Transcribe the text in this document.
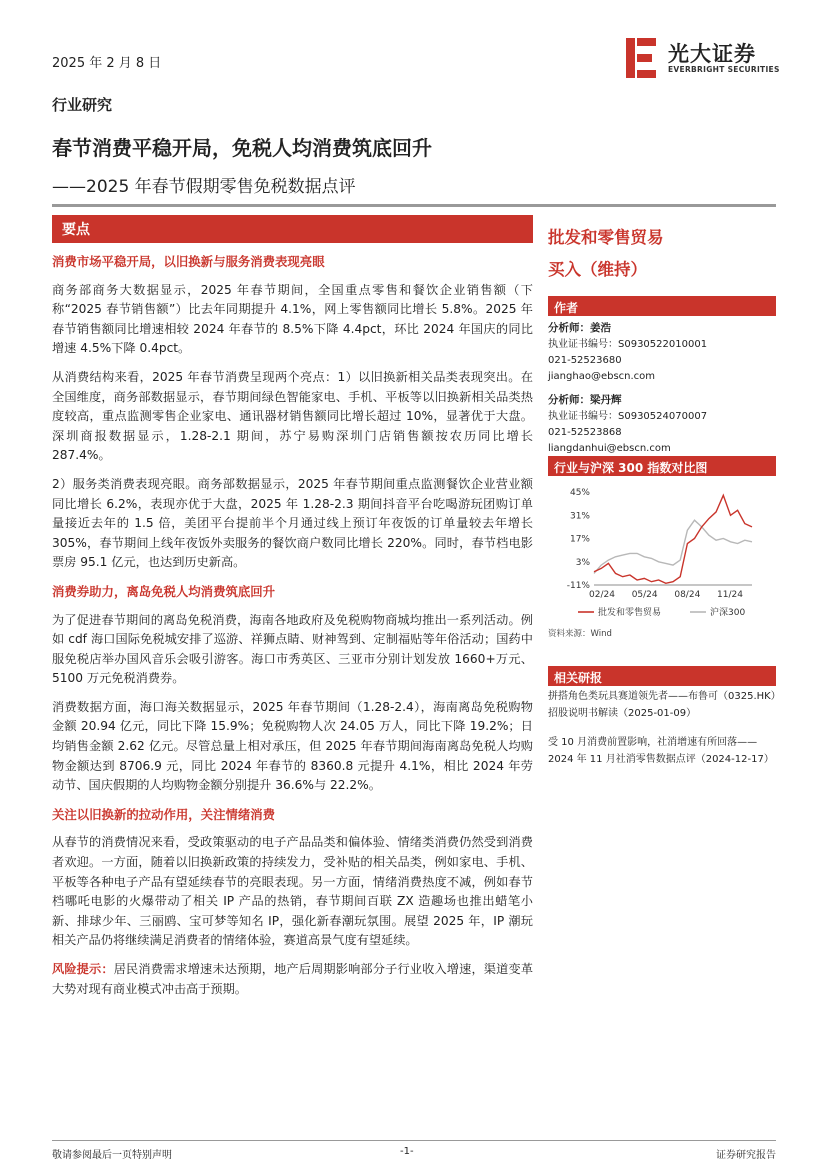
2025 年 2 月 8 日	光大证券
EVERBRIGHT SECURITIES
行业研究
春节消费平稳开局，免税人均消费筑底回升
——2025 年春节假期零售免税数据点评
要点
消费市场平稳开局，以旧换新与服务消费表现亮眼

商务部商务大数据显示，2025 年春节期间，全国重点零售和餐饮企业销售额（下称“2025 春节销售额”）比去年同期提升 4.1%，网上零售额同比增长 5.8%。2025 年春节销售额同比增速相较 2024 年春节的 8.5%下降 4.4pct，环比 2024 年国庆的同比增速 4.5%下降 0.4pct。

从消费结构来看，2025 年春节消费呈现两个亮点：1）以旧换新相关品类表现突出。在全国维度，商务部数据显示，春节期间绿色智能家电、手机、平板等以旧换新相关品类热度较高，重点监测零售企业家电、通讯器材销售额同比增长超过 10%，显著优于大盘。深圳商报数据显示，1.28-2.1 期间，苏宁易购深圳门店销售额按农历同比增长 287.4%。

2）服务类消费表现亮眼。商务部数据显示，2025 年春节期间重点监测餐饮企业营业额同比增长 6.2%，表现亦优于大盘，2025 年 1.28-2.3 期间抖音平台吃喝游玩团购订单量接近去年的 1.5 倍，美团平台提前半个月通过线上预订年夜饭的订单量较去年增长 305%，春节期间上线年夜饭外卖服务的餐饮商户数同比增长 220%。同时，春节档电影票房 95.1 亿元，也达到历史新高。

消费券助力，离岛免税人均消费筑底回升

为了促进春节期间的离岛免税消费，海南各地政府及免税购物商城均推出一系列活动。例如 cdf 海口国际免税城安排了巡游、祥狮点睛、财神驾到、定制福贴等年俗活动；国药中服免税店举办国风音乐会吸引游客。海口市秀英区、三亚市分别计划发放 1660+万元、5100 万元免税消费券。

消费数据方面，海口海关数据显示，2025 年春节期间（1.28-2.4），海南离岛免税购物金额 20.94 亿元，同比下降 15.9%；免税购物人次 24.05 万人，同比下降 19.2%；日均销售金额 2.62 亿元。尽管总量上相对承压，但 2025 年春节期间海南离岛免税人均购物金额达到 8706.9 元，同比 2024 年春节的 8360.8 元提升 4.1%，相比 2024 年劳动节、国庆假期的人均购物金额分别提升 36.6%与 22.2%。

关注以旧换新的拉动作用，关注情绪消费

从春节的消费情况来看，受政策驱动的电子产品品类和偏体验、情绪类消费仍然受到消费者欢迎。一方面，随着以旧换新政策的持续发力，受补贴的相关品类，例如家电、手机、平板等各种电子产品有望延续春节的亮眼表现。另一方面，情绪消费热度不减，例如春节档哪吒电影的火爆带动了相关 IP 产品的热销，春节期间百联 ZX 造趣场也推出蜡笔小新、排球少年、三丽鸥、宝可梦等知名 IP，强化新春潮玩氛围。展望 2025 年，IP 潮玩相关产品仍将继续满足消费者的情绪体验，赛道高景气度有望延续。

风险提示：居民消费需求增速未达预期，地产后周期影响部分子行业收入增速，渠道变革大势对现有商业模式冲击高于预期。

批发和零售贸易
买入（维持）
作者
分析师：姜浩
执业证书编号：S0930522010001
021-52523680
jianghao@ebscn.com
分析师：梁丹辉
执业证书编号：S0930524070007
021-52523868
liangdanhui@ebscn.com
行业与沪深 300 指数对比图
45%
31%
17%
3%
-11%
02/24 05/24 08/24 11/24
批发和零售贸易	沪深300
资料来源：Wind
相关研报
拼搭角色类玩具赛道领先者——布鲁可（0325.HK）招股说明书解读（2025-01-09）
受 10 月消费前置影响，社消增速有所回落——2024 年 11 月社消零售数据点评（2024-12-17）
敬请参阅最后一页特别声明	-1-	证券研究报告
